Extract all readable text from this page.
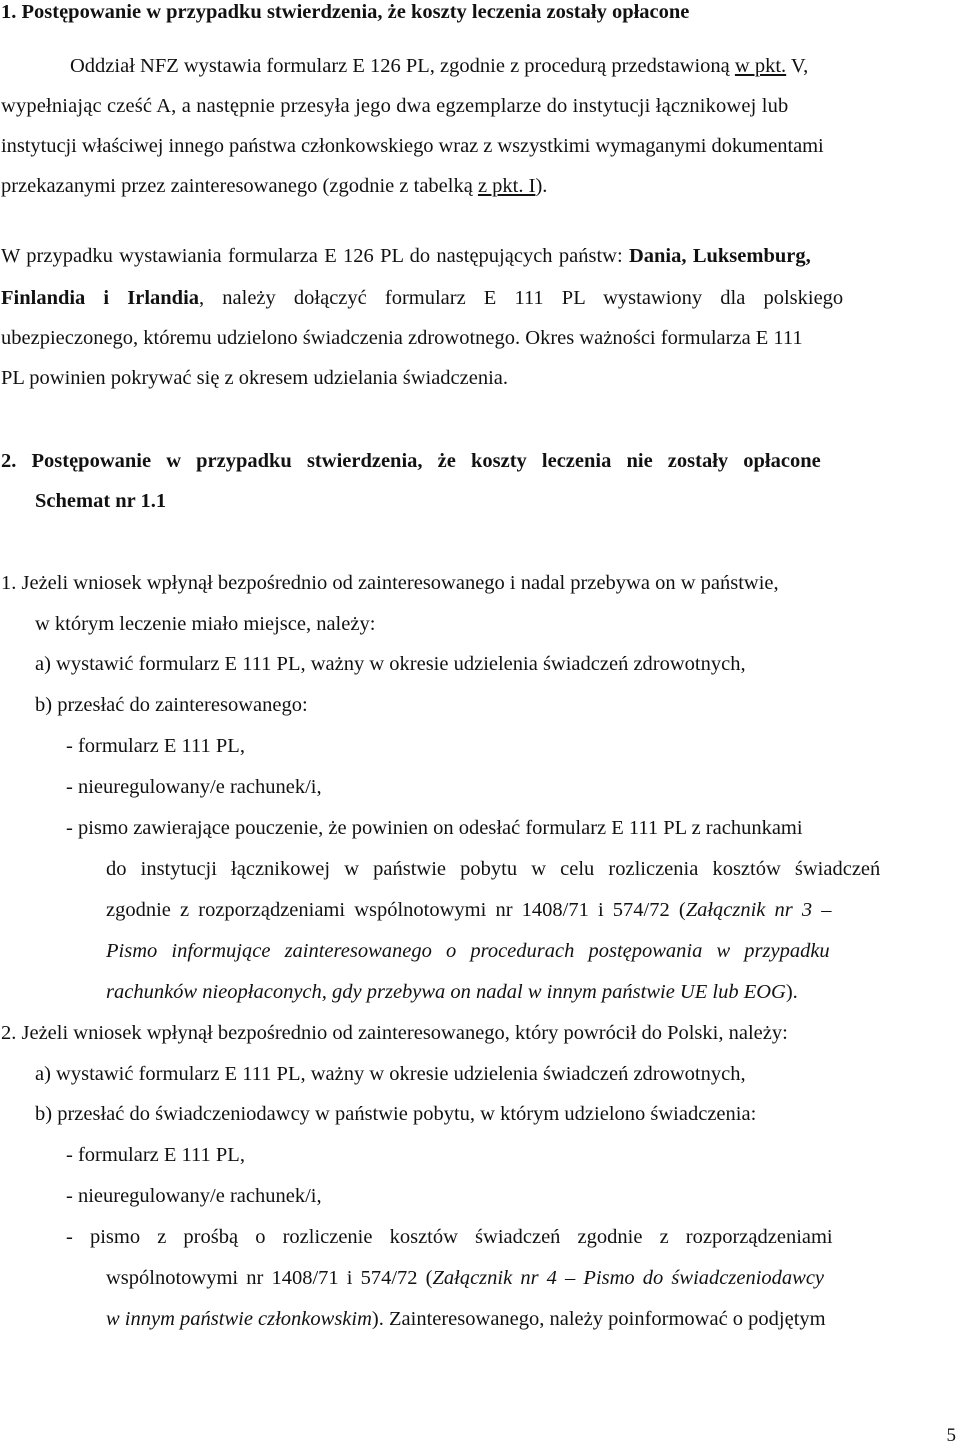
1. Postępowanie w przypadku stwierdzenia, że koszty leczenia zostały opłacone
Oddział NFZ wystawia formularz E 126 PL, zgodnie z procedurą przedstawioną w pkt. V,
wypełniając cześć A, a następnie przesyła jego dwa egzemplarze do instytucji łącznikowej lub
instytucji właściwej innego państwa członkowskiego wraz z wszystkimi wymaganymi dokumentami
przekazanymi przez zainteresowanego (zgodnie z tabelką z pkt. I).
W przypadku wystawiania formularza E 126 PL do następujących państw: Dania, Luksemburg,
Finlandia i Irlandia, należy dołączyć formularz E 111 PL wystawiony dla polskiego
ubezpieczonego, któremu udzielono świadczenia zdrowotnego. Okres ważności formularza E 111
PL powinien pokrywać się z okresem udzielania świadczenia.
2. Postępowanie w przypadku stwierdzenia, że koszty leczenia nie zostały opłacone
Schemat nr 1.1
1. Jeżeli wniosek wpłynął bezpośrednio od zainteresowanego i nadal przebywa on w państwie,
w którym leczenie miało miejsce, należy:
a) wystawić formularz E 111 PL, ważny w okresie udzielenia świadczeń zdrowotnych,
b) przesłać do zainteresowanego:
- formularz E 111 PL,
- nieuregulowany/e rachunek/i,
- pismo zawierające pouczenie, że powinien on odesłać formularz E 111 PL z rachunkami
do instytucji łącznikowej w państwie pobytu w celu rozliczenia kosztów świadczeń
zgodnie z rozporządzeniami wspólnotowymi nr 1408/71 i 574/72 (Załącznik nr 3 –
Pismo informujące zainteresowanego o procedurach postępowania w przypadku
rachunków nieopłaconych, gdy przebywa on nadal w innym państwie UE lub EOG).
2. Jeżeli wniosek wpłynął bezpośrednio od zainteresowanego, który powrócił do Polski, należy:
a) wystawić formularz E 111 PL, ważny w okresie udzielenia świadczeń zdrowotnych,
b) przesłać do świadczeniodawcy w państwie pobytu, w którym udzielono świadczenia:
- formularz E 111 PL,
- nieuregulowany/e rachunek/i,
- pismo z prośbą o rozliczenie kosztów świadczeń zgodnie z rozporządzeniami
wspólnotowymi nr 1408/71 i 574/72 (Załącznik nr 4 – Pismo do świadczeniodawcy
w innym państwie członkowskim). Zainteresowanego, należy poinformować o podjętym
5
